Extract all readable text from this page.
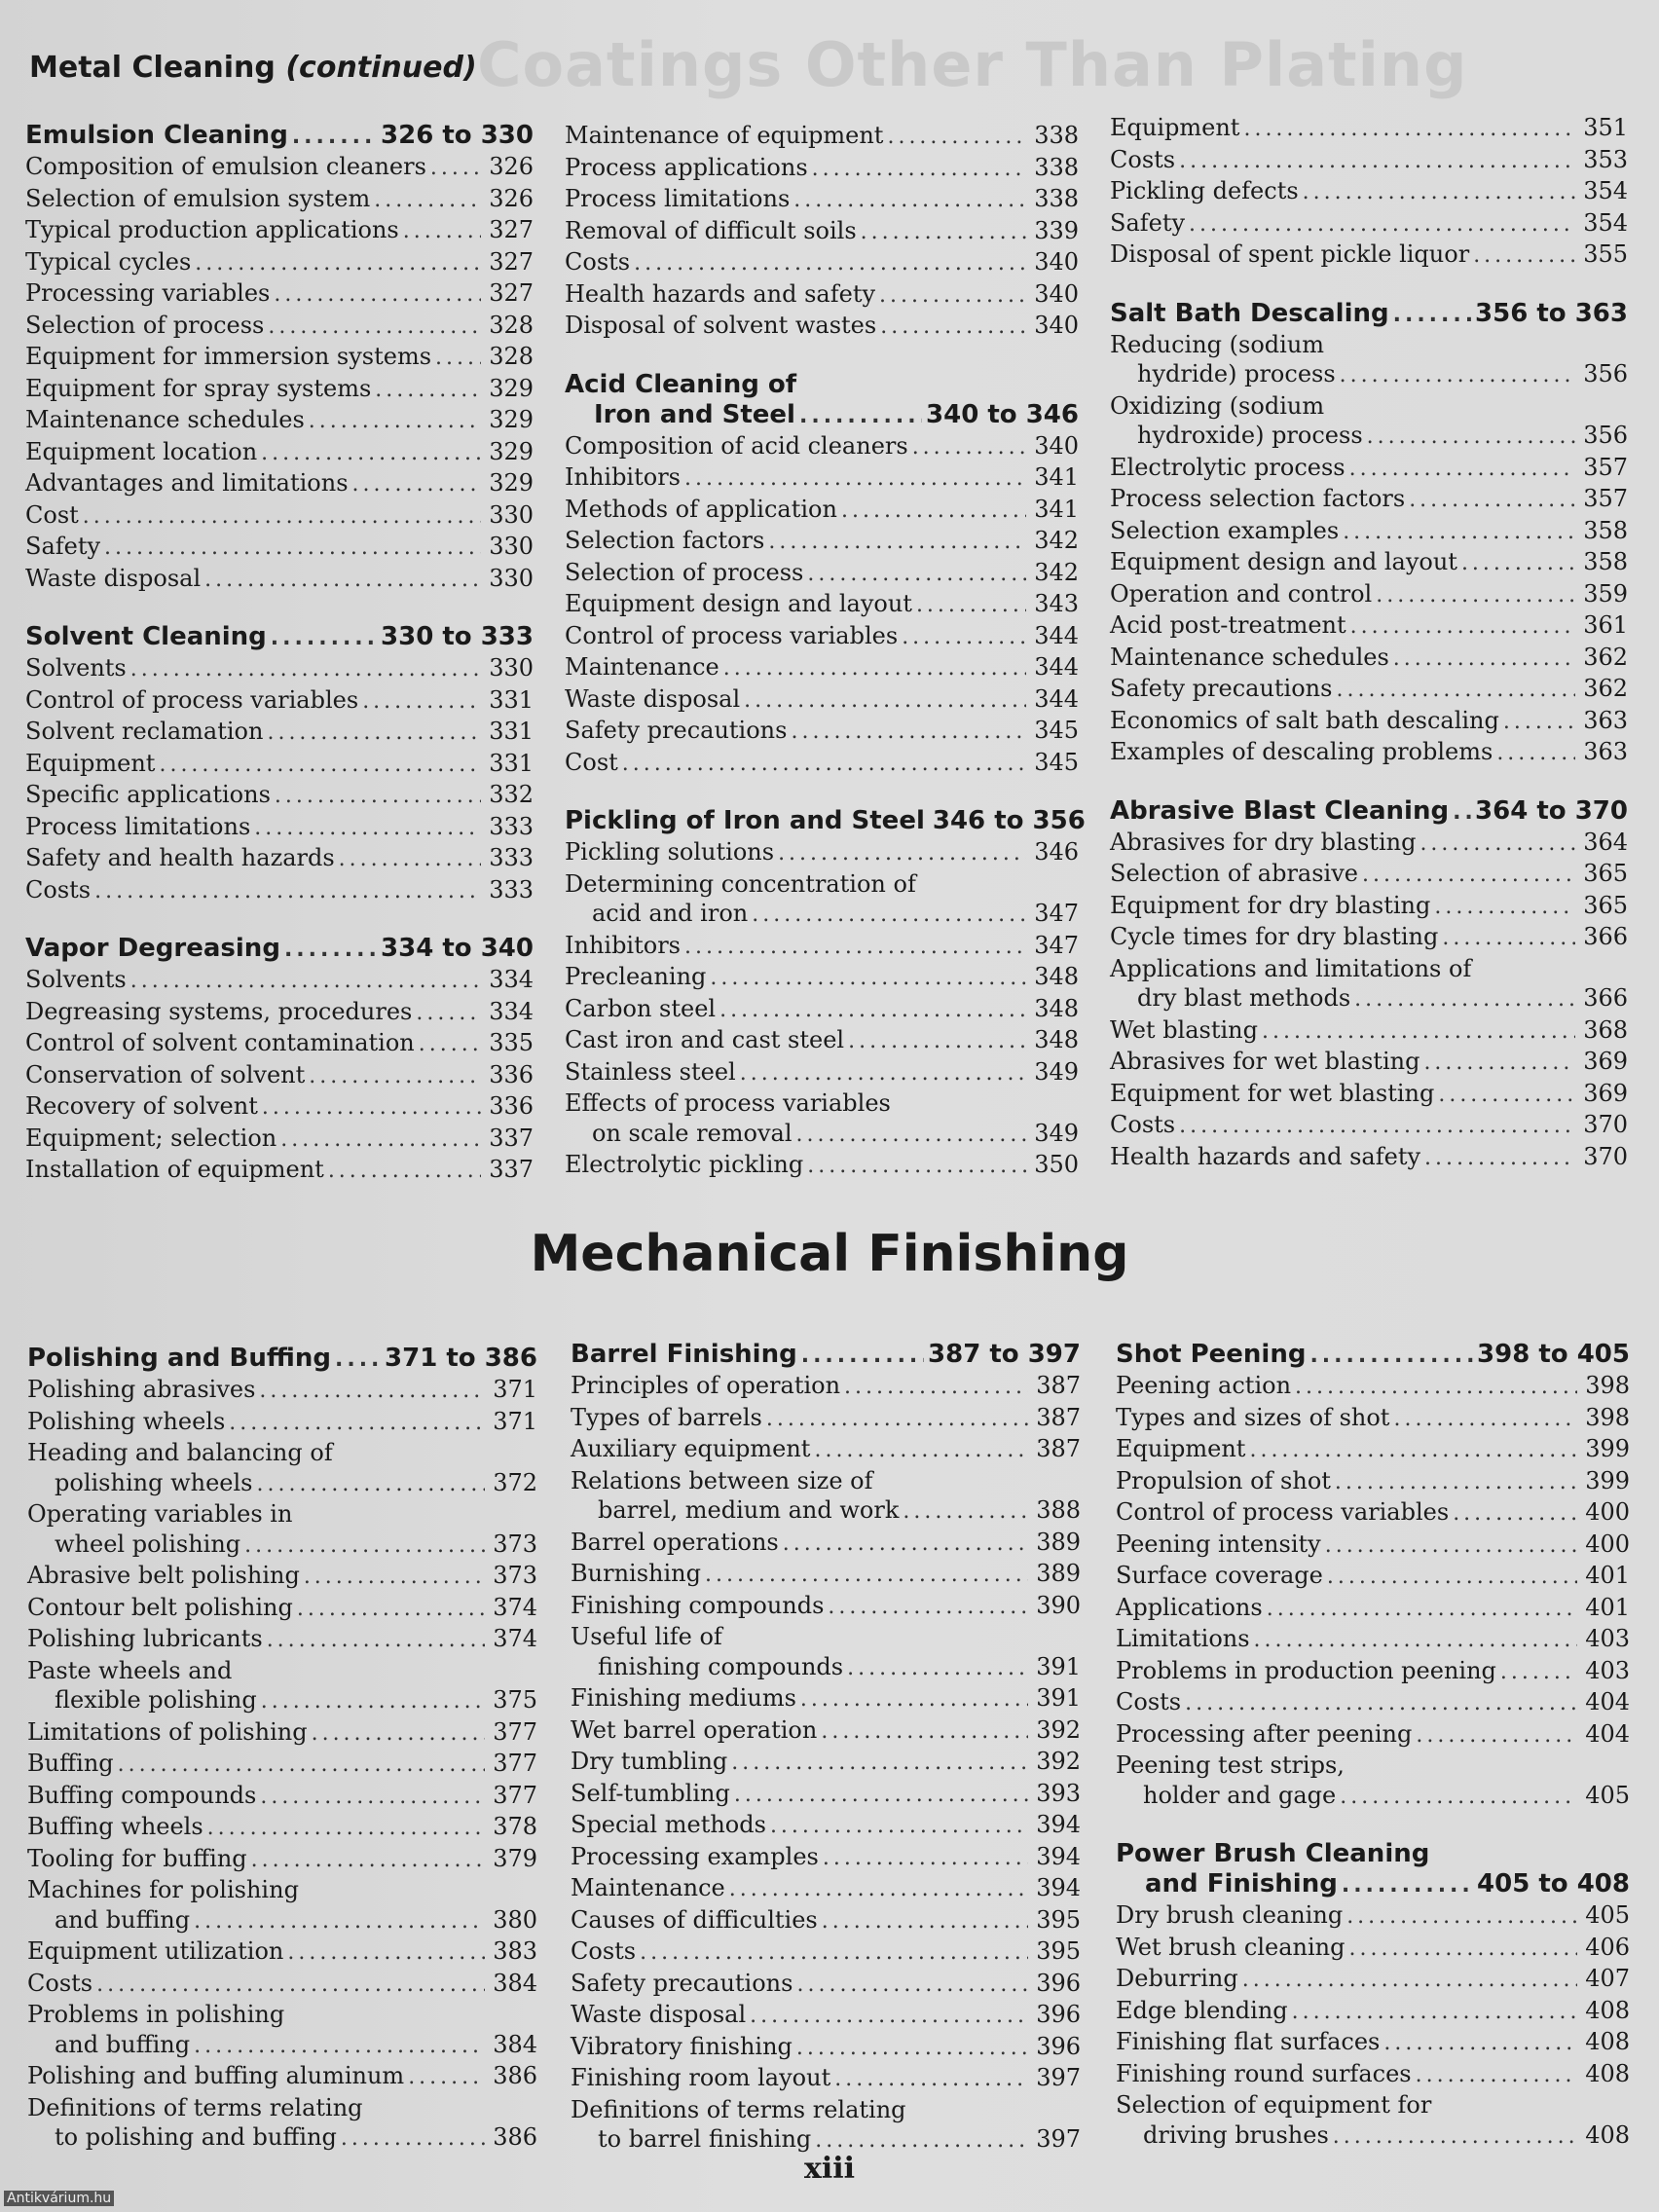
Coatings Other Than Plating
Metal Cleaning (continued)
Emulsion Cleaning .....	326 to 330
Composition of emulsion cleaners .....	326
Selection of emulsion system .....	326
Typical production applications .....	327
Typical cycles .....	327
Processing variables .....	327
Selection of process .....	328
Equipment for immersion systems ..... 328
Equipment for spray systems .....	329
Maintenance schedules .....	329
Equipment location .....	329
Advantages and limitations .....	329
Cost .....	330
Safety .....	330
Waste disposal .....	330
Solvent Cleaning .....	330 to 333
Solvents .....	330
Control of process variables .....	331
Solvent reclamation .....	331
Equipment .....	331
Specific applications .....	332
Process limitations .....	333
Safety and health hazards .....	333
Costs .....	333
Vapor Degreasing .....	334 to 340
Solvents .....	334
Degreasing systems, procedures .....	334
Control of solvent contamination .....	335
Conservation of solvent .....	336
Recovery of solvent .....	336
Equipment; selection .....	337
Installation of equipment .....	337
Maintenance of equipment .....	338
Process applications .....	338
Process limitations .....	338
Removal of difficult soils .....	339
Costs .....	340
Health hazards and safety .....	340
Disposal of solvent wastes .....	340
Acid Cleaning of
Iron and Steel .....	340 to 346
Composition of acid cleaners .....	340
Inhibitors .....	341
Methods of application .....	341
Selection factors .....	342
Selection of process .....	342
Equipment design and layout .....	343
Control of process variables .....	344
Maintenance .....	344
Waste disposal .....	344
Safety precautions .....	345
Cost .....	345
Pickling of Iron and Steel 346 to 356
Pickling solutions .....	346
Determining concentration of
acid and iron .....	347
Inhibitors .....	347
Precleaning .....	348
Carbon steel .....	348
Cast iron and cast steel .....	348
Stainless steel .....	349
Effects of process variables
on scale removal .....	349
Electrolytic pickling .....	350
Equipment .....	351
Costs .....	353
Pickling defects .....	354
Safety .....	354
Disposal of spent pickle liquor .....	355
Salt Bath Descaling .....	356 to 363
Reducing (sodium
hydride) process .....	356
Oxidizing (sodium
hydroxide) process .....	356
Electrolytic process .....	357
Process selection factors .....	357
Selection examples .....	358
Equipment design and layout .....	358
Operation and control .....	359
Acid post-treatment .....	361
Maintenance schedules .....	362
Safety precautions .....	362
Economics of salt bath descaling .....	363
Examples of descaling problems .....	363
Abrasive Blast Cleaning ..... 364 to 370
Abrasives for dry blasting .....	364
Selection of abrasive .....	365
Equipment for dry blasting .....	365
Cycle times for dry blasting .....	366
Applications and limitations of
dry blast methods .....	366
Wet blasting .....	368
Abrasives for wet blasting .....	369
Equipment for wet blasting .....	369
Costs .....	370
Health hazards and safety .....	370
Mechanical Finishing
Polishing and Buffing ..... 371 to 386
Polishing abrasives .....	371
Polishing wheels .....	371
Heading and balancing of
polishing wheels .....	372
Operating variables in
wheel polishing .....	373
Abrasive belt polishing .....	373
Contour belt polishing .....	374
Polishing lubricants .....	374
Paste wheels and
flexible polishing .....	375
Limitations of polishing .....	377
Buffing .....	377
Buffing compounds .....	377
Buffing wheels .....	378
Tooling for buffing .....	379
Machines for polishing
and buffing .....	380
Equipment utilization .....	383
Costs .....	384
Problems in polishing
and buffing .....	384
Polishing and buffing aluminum .....	386
Definitions of terms relating
to polishing and buffing .....	386
Barrel Finishing .....	387 to 397
Principles of operation .....	387
Types of barrels .....	387
Auxiliary equipment .....	387
Relations between size of
barrel, medium and work .....	388
Barrel operations .....	389
Burnishing .....	389
Finishing compounds .....	390
Useful life of
finishing compounds .....	391
Finishing mediums .....	391
Wet barrel operation .....	392
Dry tumbling .....	392
Self-tumbling .....	393
Special methods .....	394
Processing examples .....	394
Maintenance .....	394
Causes of difficulties .....	395
Costs .....	395
Safety precautions .....	396
Waste disposal .....	396
Vibratory finishing .....	396
Finishing room layout .....	397
Definitions of terms relating
to barrel finishing .....	397
Shot Peening .....	398 to 405
Peening action .....	398
Types and sizes of shot .....	398
Equipment .....	399
Propulsion of shot .....	399
Control of process variables .....	400
Peening intensity .....	400
Surface coverage .....	401
Applications .....	401
Limitations .....	403
Problems in production peening .....	403
Costs .....	404
Processing after peening .....	404
Peening test strips,
holder and gage .....	405
Power Brush Cleaning
and Finishing .....	405 to 408
Dry brush cleaning .....	405
Wet brush cleaning .....	406
Deburring .....	407
Edge blending .....	408
Finishing flat surfaces .....	408
Finishing round surfaces .....	408
Selection of equipment for
driving brushes .....	408
xiii
Antikvárium.hu
